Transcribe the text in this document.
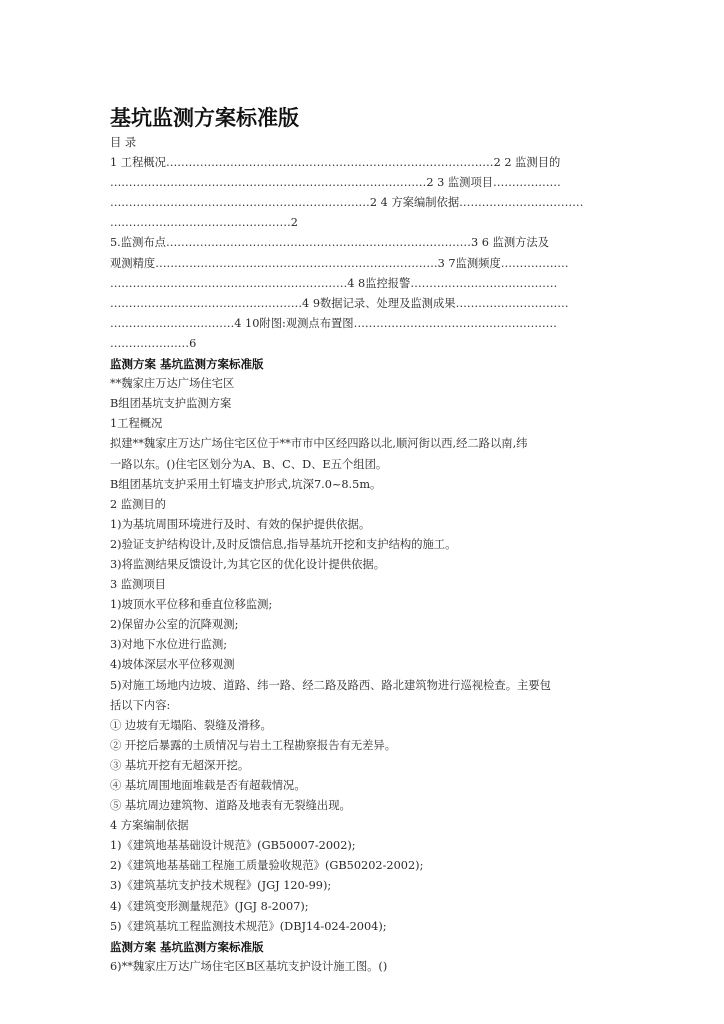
基坑监测方案标准版
目 录
1 工程概况……………………………………………………………………………2 2 监测目的
…………………………………………………………………………2 3 监测项目………………
……………………………………………………………2 4 方案编制依据……………………………
…………………………………………2
5.监测布点………………………………………………………………………3 6 监测方法及
观测精度…………………………………………………………………3 7监测频度………………
………………………………………………………4 8监控报警…………………………………
……………………………………………4 9数据记录、处理及监测成果…………………………
……………………………4 10附图:观测点布置图………………………………………………
…………………6
监测方案 基坑监测方案标准版
**魏家庄万达广场住宅区
B组团基坑支护监测方案
1工程概况
拟建**魏家庄万达广场住宅区位于**市市中区经四路以北,顺河街以西,经二路以南,纬
一路以东。()住宅区划分为A、B、C、D、E五个组团。
B组团基坑支护采用土钉墙支护形式,坑深7.0~8.5m。
2 监测目的
1)为基坑周围环境进行及时、有效的保护提供依据。
2)验证支护结构设计,及时反馈信息,指导基坑开挖和支护结构的施工。
3)将监测结果反馈设计,为其它区的优化设计提供依据。
3 监测项目
1)坡顶水平位移和垂直位移监测;
2)保留办公室的沉降观测;
3)对地下水位进行监测;
4)坡体深层水平位移观测
5)对施工场地内边坡、道路、纬一路、经二路及路西、路北建筑物进行巡视检查。主要包
括以下内容:
① 边坡有无塌陷、裂缝及滑移。
② 开挖后暴露的土质情况与岩土工程勘察报告有无差异。
③ 基坑开挖有无超深开挖。
④ 基坑周围地面堆载是否有超载情况。
⑤ 基坑周边建筑物、道路及地表有无裂缝出现。
4 方案编制依据
1)《建筑地基基础设计规范》(GB50007-2002);
2)《建筑地基基础工程施工质量验收规范》(GB50202-2002);
3)《建筑基坑支护技术规程》(JGJ 120-99);
4)《建筑变形测量规范》(JGJ 8-2007);
5)《建筑基坑工程监测技术规范》(DBJ14-024-2004);
监测方案 基坑监测方案标准版
6)**魏家庄万达广场住宅区B区基坑支护设计施工图。()
